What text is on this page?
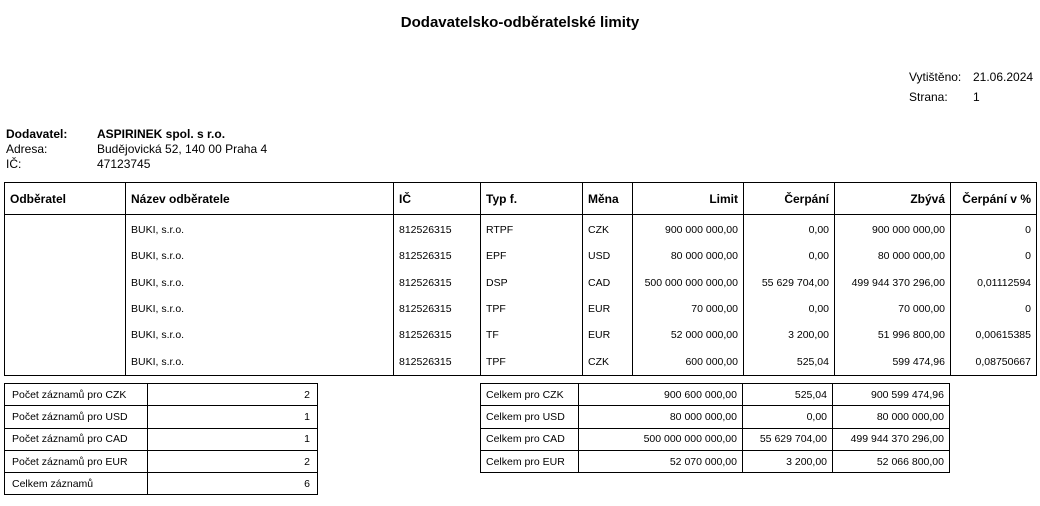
Dodavatelsko-odběratelské limity
Vytištěno: 21.06.2024
Strana: 1
Dodavatel: ASPIRINEK spol. s r.o.
Adresa:	Budějovická 52, 140 00 Praha 4
IČ:	47123745
Odběratel	Název odběratele	IČ	Typ f.	Měna	Limit	Čerpání	Zbývá	Čerpání v %
	BUKI, s.r.o.	812526315	RTPF	CZK	900 000 000,00	0,00	900 000 000,00	0
	BUKI, s.r.o.	812526315	EPF	USD	80 000 000,00	0,00	80 000 000,00	0
	BUKI, s.r.o.	812526315	DSP	CAD	500 000 000 000,00	55 629 704,00	499 944 370 296,00	0,01112594
	BUKI, s.r.o.	812526315	TPF	EUR	70 000,00	0,00	70 000,00	0
	BUKI, s.r.o.	812526315	TF	EUR	52 000 000,00	3 200,00	51 996 800,00	0,00615385
	BUKI, s.r.o.	812526315	TPF	CZK	600 000,00	525,04	599 474,96	0,08750667
Počet záznamů pro CZK	2
Počet záznamů pro USD	1
Počet záznamů pro CAD	1
Počet záznamů pro EUR	2
Celkem záznamů	6
Celkem pro CZK	900 600 000,00	525,04	900 599 474,96
Celkem pro USD	80 000 000,00	0,00	80 000 000,00
Celkem pro CAD	500 000 000 000,00	55 629 704,00	499 944 370 296,00
Celkem pro EUR	52 070 000,00	3 200,00	52 066 800,00
